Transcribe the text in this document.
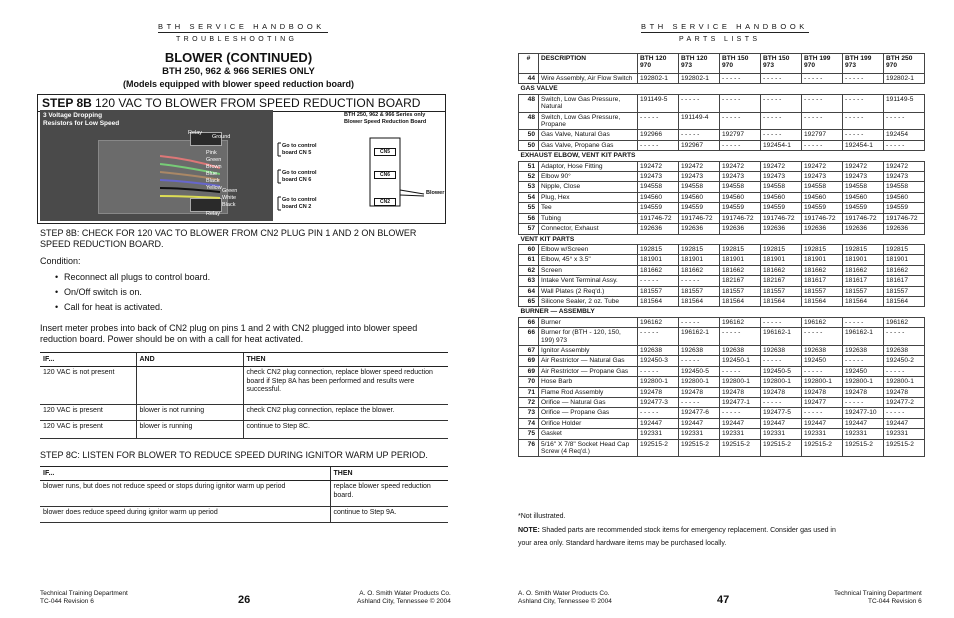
BTH SERVICE HANDBOOK
TROUBLESHOOTING
BLOWER (CONTINUED)
BTH 250, 962 & 966 SERIES ONLY
(Models equipped with blower speed reduction board)
STEP 8B 120 VAC TO BLOWER FROM SPEED REDUCTION BOARD
3 Voltage Dropping
Resistors for Low Speed
Relay
Ground
Pink
Green
Brown
Blue
Black
Yellow Green
White
Black
Relay
BTH 250, 962 & 966 Series only
Blower Speed Reduction Board
Go to control
board CN 5
Go to control
board CN 6
Go to control
board CN 2
CN5
CN6
CN2
Blower
STEP 8B: CHECK FOR 120 VAC TO BLOWER FROM CN2 PLUG PIN 1 AND 2 ON BLOWER
SPEED REDUCTION BOARD.
Condition:
• Reconnect all plugs to control board.
• On/Off switch is on.
• Call for heat is activated.
Insert meter probes into back of CN2 plug on pins 1 and 2 with CN2 plugged into blower speed
reduction board. Power should be on with a call for heat activated.
IF...	AND	THEN
120 VAC is not present		check CN2 plug connection, replace blower speed reduction board if Step 8A has been performed and results were successful.
120 VAC is present	blower is not running	check CN2 plug connection, replace the blower.
120 VAC is present	blower is running	continue to Step 8C.
STEP 8C: LISTEN FOR BLOWER TO REDUCE SPEED DURING IGNITOR WARM UP PERIOD.
IF...	THEN
blower runs, but does not reduce speed or stops during ignitor warm up period	replace blower speed reduction board.
blower does reduce speed during ignitor warm up period	continue to Step 9A.
Technical Training Department
TC-044 Revision 6	26
A. O. Smith Water Products Co.
Ashland City, Tennessee © 2004
BTH SERVICE HANDBOOK
PARTS LISTS
A. O. Smith Water Products Co.
Ashland City, Tennessee © 2004	47
Technical Training Department
TC-044 Revision 6
#	DESCRIPTION	BTH 120 970	BTH 120 973	BTH 150 970	BTH 150 973	BTH 199 970	BTH 199 973	BTH 250 970
44	Wire Assembly, Air Flow Switch	192802-1	192802-1	- - - - -	- - - - -	- - - - -	- - - - -	192802-1
GAS VALVE								
48	Switch, Low Gas Pressure, Natural	191149-5	- - - - -	- - - - -	- - - - -	- - - - -	- - - - -	191149-5
48	Switch, Low Gas Pressure, Propane	- - - - -	191149-4	- - - - -	- - - - -	- - - - -	- - - - -	- - - - -
50	Gas Valve, Natural Gas	192966	- - - - -	192797	- - - - -	192797	- - - - -	192454
50	Gas Valve, Propane Gas	- - - - -	192967	- - - - -	192454-1	- - - - -	192454-1	- - - - -
EXHAUST ELBOW, VENT KIT PARTS								
51	Adaptor, Hose Fitting	192472	192472	192472	192472	192472	192472	192472
52	Elbow 90°	192473	192473	192473	192473	192473	192473	192473
53	Nipple, Close	194558	194558	194558	194558	194558	194558	194558
54	Plug, Hex	194560	194560	194560	194560	194560	194560	194560
55	Tee	194559	194559	194559	194559	194559	194559	194559
56	Tubing	191746-72	191746-72	191746-72	191746-72	191746-72	191746-72	191746-72
57	Connector, Exhaust	192636	192636	192636	192636	192636	192636	192636
VENT KIT PARTS								
60	Elbow w/Screen	192815	192815	192815	192815	192815	192815	192815
61	Elbow, 45° x 3.5"	181901	181901	181901	181901	181901	181901	181901
62	Screen	181662	181662	181662	181662	181662	181662	181662
63	Intake Vent Terminal Assy.	- - - - -	- - - - -	182167	182167	181617	181617	181617
64	Wall Plates (2 Req'd.)	181557	181557	181557	181557	181557	181557	181557
65	Silicone Sealer, 2 oz. Tube	181564	181564	181564	181564	181564	181564	181564
BURNER — ASSEMBLY								
66	Burner	196162	- - - - -	196162	- - - - -	196162	- - - - -	196162
66	Burner for (BTH - 120, 150, 199) 973	- - - - -	196162-1	- - - - -	196162-1	- - - - -	196162-1	- - - - -
67	Ignitor Assembly	192638	192638	192638	192638	192638	192638	192638
69	Air Restrictor — Natural Gas	192450-3	- - - - -	192450-1	- - - - -	192450	- - - - -	192450-2
69	Air Restrictor — Propane Gas	- - - - -	192450-5	- - - - -	192450-5	- - - - -	192450	- - - - -
70	Hose Barb	192800-1	192800-1	192800-1	192800-1	192800-1	192800-1	192800-1
71	Flame Rod Assembly	192478	192478	192478	192478	192478	192478	192478
72	Orifice — Natural Gas	192477-3	- - - - -	192477-1	- - - - -	192477	- - - - -	192477-2
73	Orifice — Propane Gas	- - - - -	192477-6	- - - - -	192477-5	- - - - -	192477-10	- - - - -
74	Orifice Holder	192447	192447	192447	192447	192447	192447	192447
75	Gasket	192331	192331	192331	192331	192331	192331	192331
76	5/16" X 7/8" Socket Head Cap Screw (4 Req'd.)	192515-2	192515-2	192515-2	192515-2	192515-2	192515-2	192515-2
*Not illustrated.
NOTE: Shaded parts are recommended stock items for emergency replacement. Consider gas used in
your area only. Standard hardware items may be purchased locally.
